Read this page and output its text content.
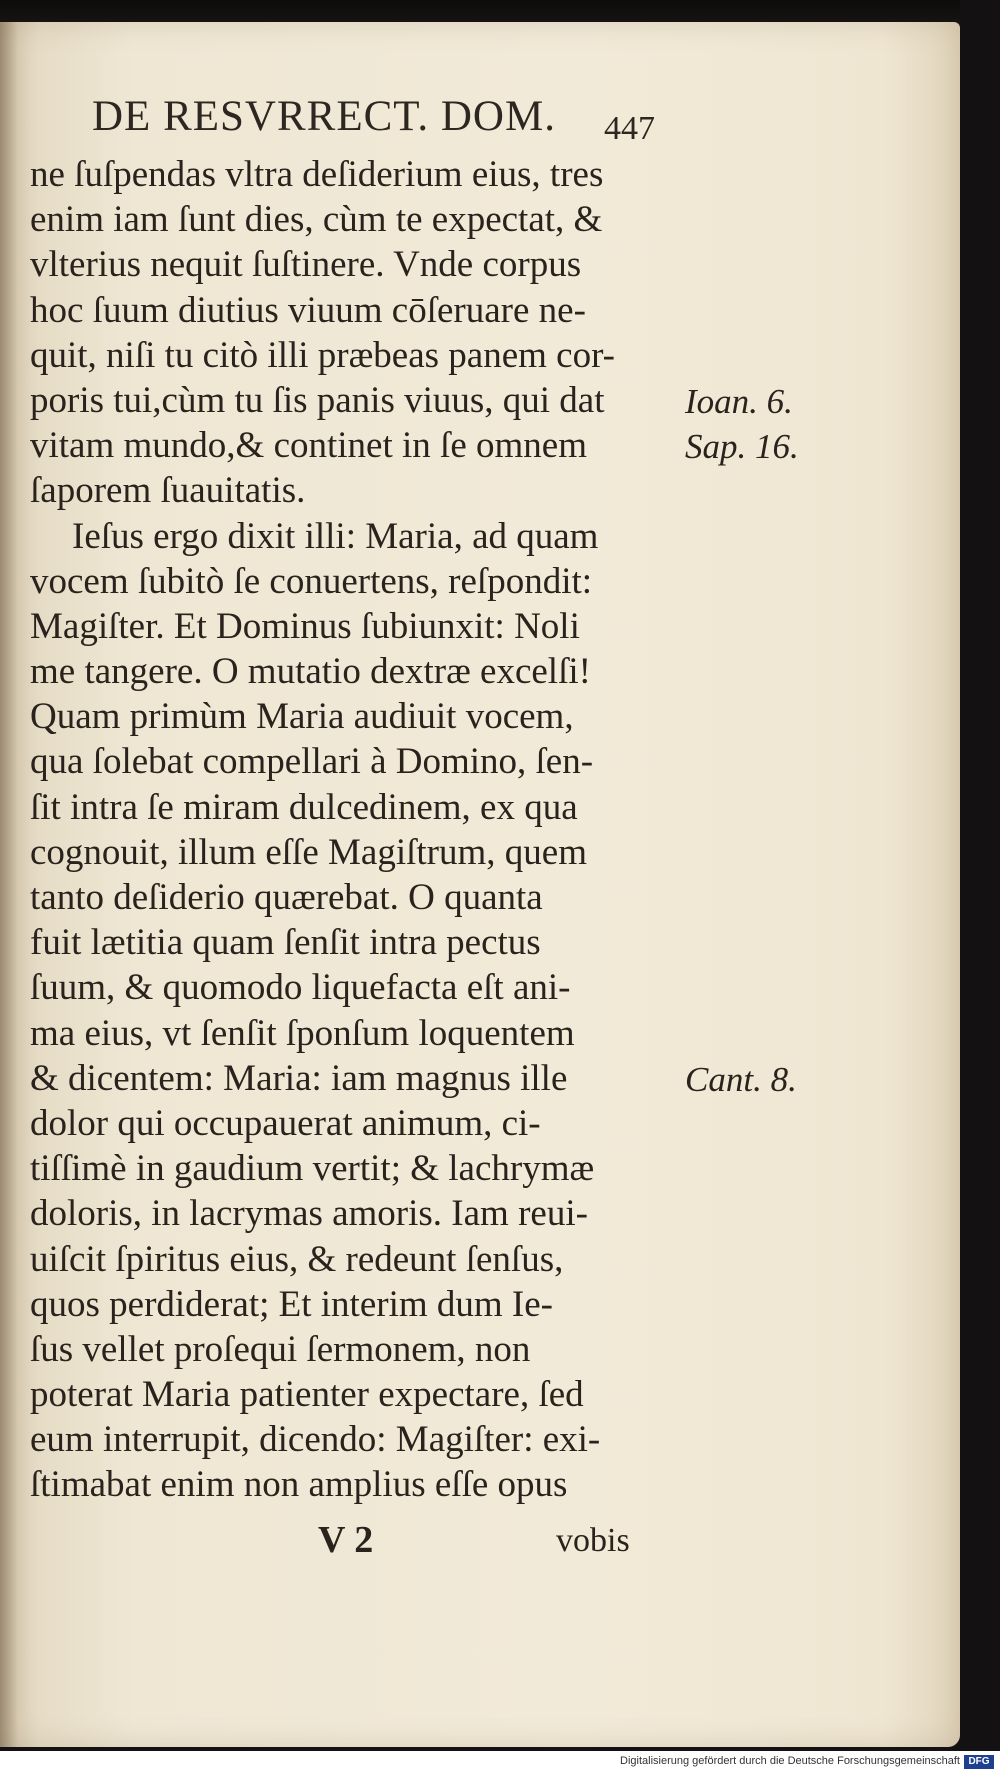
DE RESVRRECT. DOM.	447
ne ſuſpendas vltra deſiderium eius, tres
enim iam ſunt dies, cùm te expectat, &
vlterius nequit ſuſtinere. Vnde corpus
hoc ſuum diutius viuum cōſeruare ne-
quit, niſi tu citò illi præbeas panem cor-
poris tui,cùm tu ſis panis viuus, qui dat
vitam mundo,& continet in ſe omnem
ſaporem ſuauitatis.
Ieſus ergo dixit illi: Maria, ad quam
vocem ſubitò ſe conuertens, reſpondit:
Magiſter. Et Dominus ſubiunxit: Noli
me tangere. O mutatio dextræ excelſi!
Quam primùm Maria audiuit vocem,
qua ſolebat compellari à Domino, ſen-
ſit intra ſe miram dulcedinem, ex qua
cognouit, illum eſſe Magiſtrum, quem
tanto deſiderio quærebat. O quanta
fuit lætitia quam ſenſit intra pectus
ſuum, & quomodo liquefacta eſt ani-
ma eius, vt ſenſit ſponſum loquentem
& dicentem: Maria: iam magnus ille
dolor qui occupauerat animum, ci-
tiſſimè in gaudium vertit; & lachrymæ
doloris, in lacrymas amoris. Iam reui-
uiſcit ſpiritus eius, & redeunt ſenſus,
quos perdiderat; Et interim dum Ie-
ſus vellet proſequi ſermonem, non
poterat Maria patienter expectare, ſed
eum interrupit, dicendo: Magiſter: exi-
ſtimabat enim non amplius eſſe opus
Ioan. 6.
Sap. 16.
Cant. 8.
V 2	vobis
Digitalisierung gefördert durch die Deutsche Forschungsgemeinschaft DFG
